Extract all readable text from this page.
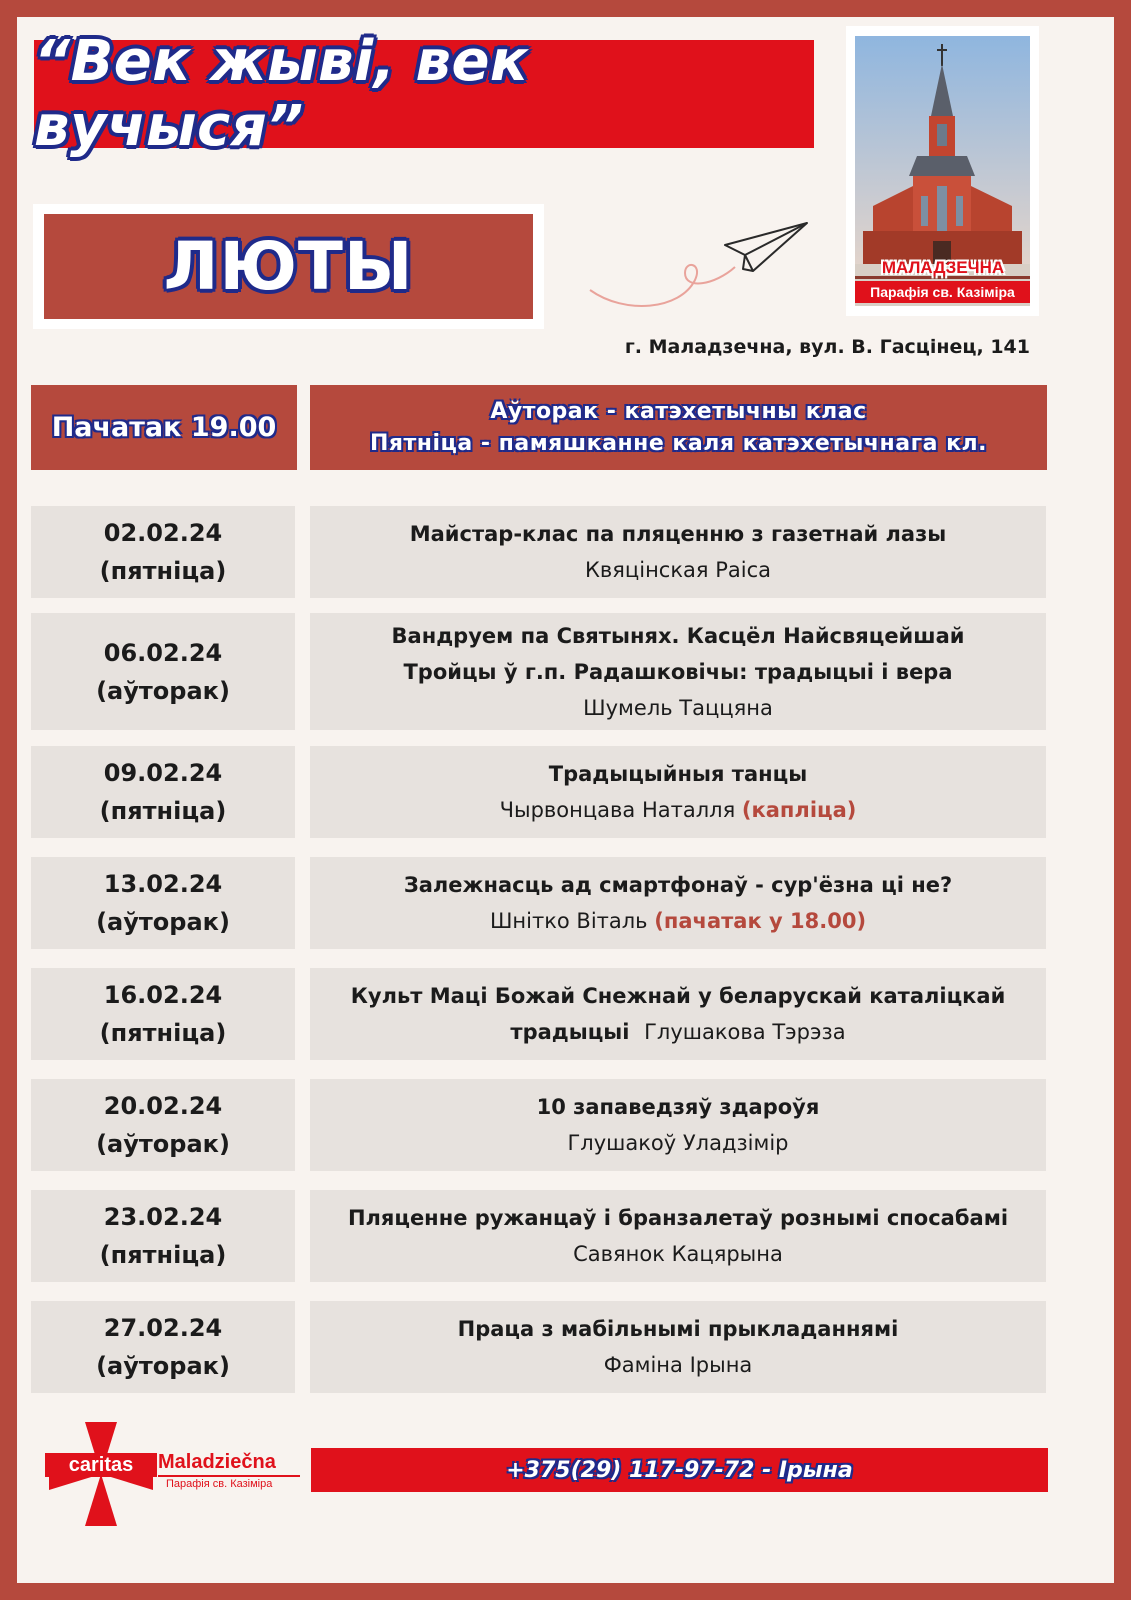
“Век жыві, век вучыся”
ЛЮТЫ	МАЛАДЗЕЧНА
Парафія св. Казіміра
г. Маладзечна, вул. В. Гасцінец, 141
Пачатак 19.00
Аўторак - катэхетычны клас
Пятніца - памяшканне каля катэхетычнага кл.
02.02.24
(пятніца)
Майстар-клас па пляценню з газетнай лазы
Квяцінская Раіса
06.02.24
(аўторак)
Вандруем па Святынях. Касцёл Найсвяцейшай
Тройцы ў г.п. Радашковічы: традыцыі і вера
Шумель Таццяна
09.02.24
(пятніца)
Традыцыйныя танцы
Чырвонцава Наталля (капліца)
13.02.24
(аўторак)
Залежнасць ад смартфонаў - сур'ёзна ці не?
Шнітко Віталь (пачатак у 18.00)
16.02.24
(пятніца)
Культ Маці Божай Снежнай у беларускай каталіцкай
традыцыі Глушакова Тэрэза
20.02.24
(аўторак)
10 запаведзяў здароўя
Глушакоў Уладзімір
23.02.24
(пятніца)
Пляценне ружанцаў і бранзалетаў рознымі спосабамі
Савянок Кацярына
27.02.24
(аўторак)
Праца з мабільнымі прыкладаннямі
Фаміна Ірына
caritas	Maladziečna
Парафія св. Казіміра
+375(29) 117-97-72 - Ірына
